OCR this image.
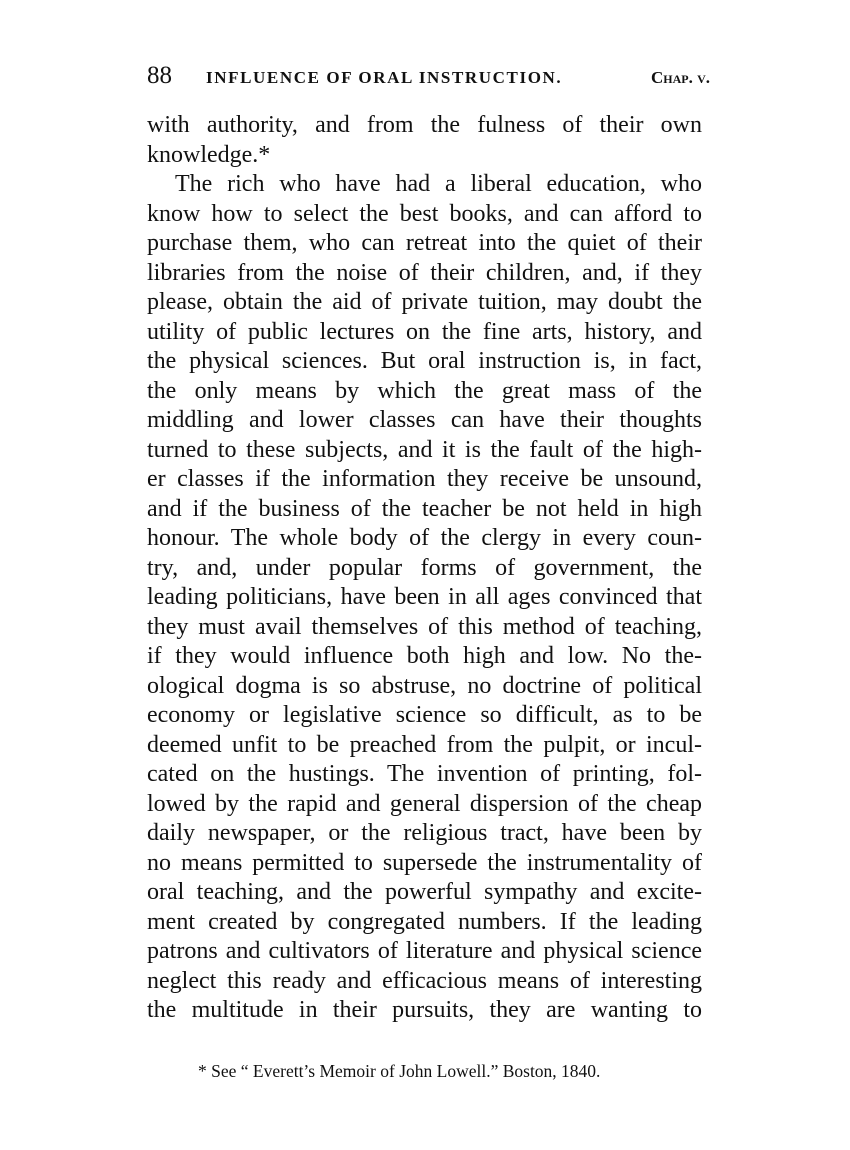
88 INFLUENCE OF ORAL INSTRUCTION.	Chap. v.
with authority, and from the fulness of their own
knowledge.*
The rich who have had a liberal education, who
know how to select the best books, and can afford to
purchase them, who can retreat into the quiet of their
libraries from the noise of their children, and, if they
please, obtain the aid of private tuition, may doubt the
utility of public lectures on the fine arts, history, and
the physical sciences. But oral instruction is, in fact,
the only means by which the great mass of the
middling and lower classes can have their thoughts
turned to these subjects, and it is the fault of the high-
er classes if the information they receive be unsound,
and if the business of the teacher be not held in high
honour. The whole body of the clergy in every coun-
try, and, under popular forms of government, the
leading politicians, have been in all ages convinced that
they must avail themselves of this method of teaching,
if they would influence both high and low. No the-
ological dogma is so abstruse, no doctrine of political
economy or legislative science so difficult, as to be
deemed unfit to be preached from the pulpit, or incul-
cated on the hustings. The invention of printing, fol-
lowed by the rapid and general dispersion of the cheap
daily newspaper, or the religious tract, have been by
no means permitted to supersede the instrumentality of
oral teaching, and the powerful sympathy and excite-
ment created by congregated numbers. If the leading
patrons and cultivators of literature and physical science
neglect this ready and efficacious means of interesting
the multitude in their pursuits, they are wanting to
* See “ Everett’s Memoir of John Lowell.” Boston, 1840.
